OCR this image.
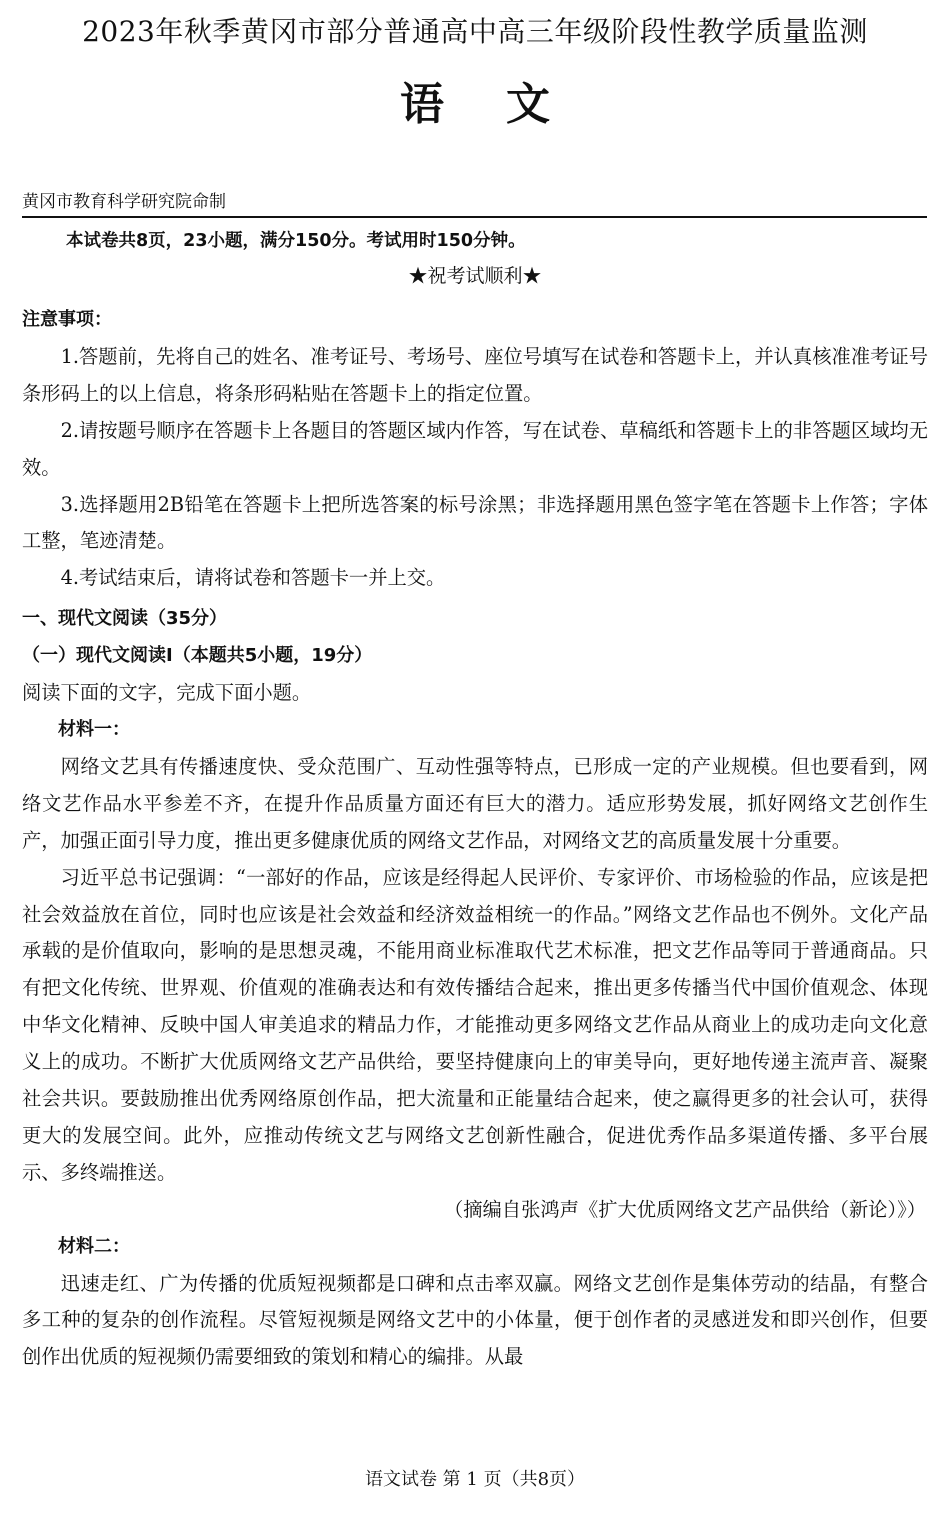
2023年秋季黄冈市部分普通高中高三年级阶段性教学质量监测
语 文
黄冈市教育科学研究院命制
本试卷共8页，23小题，满分150分。考试用时150分钟。
★祝考试顺利★

注意事项：

1.答题前，先将自己的姓名、准考证号、考场号、座位号填写在试卷和答题卡上，并认真核准准考证号条形码上的以上信息，将条形码粘贴在答题卡上的指定位置。

2.请按题号顺序在答题卡上各题目的答题区域内作答，写在试卷、草稿纸和答题卡上的非答题区域均无效。

3.选择题用2B铅笔在答题卡上把所选答案的标号涂黑；非选择题用黑色签字笔在答题卡上作答；字体工整，笔迹清楚。

4.考试结束后，请将试卷和答题卡一并上交。

一、现代文阅读（35分）

（一）现代文阅读I（本题共5小题，19分）

阅读下面的文字，完成下面小题。

材料一：

网络文艺具有传播速度快、受众范围广、互动性强等特点，已形成一定的产业规模。但也要看到，网络文艺作品水平参差不齐，在提升作品质量方面还有巨大的潜力。适应形势发展，抓好网络文艺创作生产，加强正面引导力度，推出更多健康优质的网络文艺作品，对网络文艺的高质量发展十分重要。

习近平总书记强调：“一部好的作品，应该是经得起人民评价、专家评价、市场检验的作品，应该是把社会效益放在首位，同时也应该是社会效益和经济效益相统一的作品。”网络文艺作品也不例外。文化产品承载的是价值取向，影响的是思想灵魂，不能用商业标准取代艺术标准，把文艺作品等同于普通商品。只有把文化传统、世界观、价值观的准确表达和有效传播结合起来，推出更多传播当代中国价值观念、体现中华文化精神、反映中国人审美追求的精品力作，才能推动更多网络文艺作品从商业上的成功走向文化意义上的成功。不断扩大优质网络文艺产品供给，要坚持健康向上的审美导向，更好地传递主流声音、凝聚社会共识。要鼓励推出优秀网络原创作品，把大流量和正能量结合起来，使之赢得更多的社会认可，获得更大的发展空间。此外，应推动传统文艺与网络文艺创新性融合，促进优秀作品多渠道传播、多平台展示、多终端推送。

（摘编自张鸿声《扩大优质网络文艺产品供给（新论）》）

材料二：

迅速走红、广为传播的优质短视频都是口碑和点击率双赢。网络文艺创作是集体劳动的结晶，有整合多工种的复杂的创作流程。尽管短视频是网络文艺中的小体量，便于创作者的灵感迸发和即兴创作，但要创作出优质的短视频仍需要细致的策划和精心的编排。从最

语文试卷 第 1 页（共8页）
